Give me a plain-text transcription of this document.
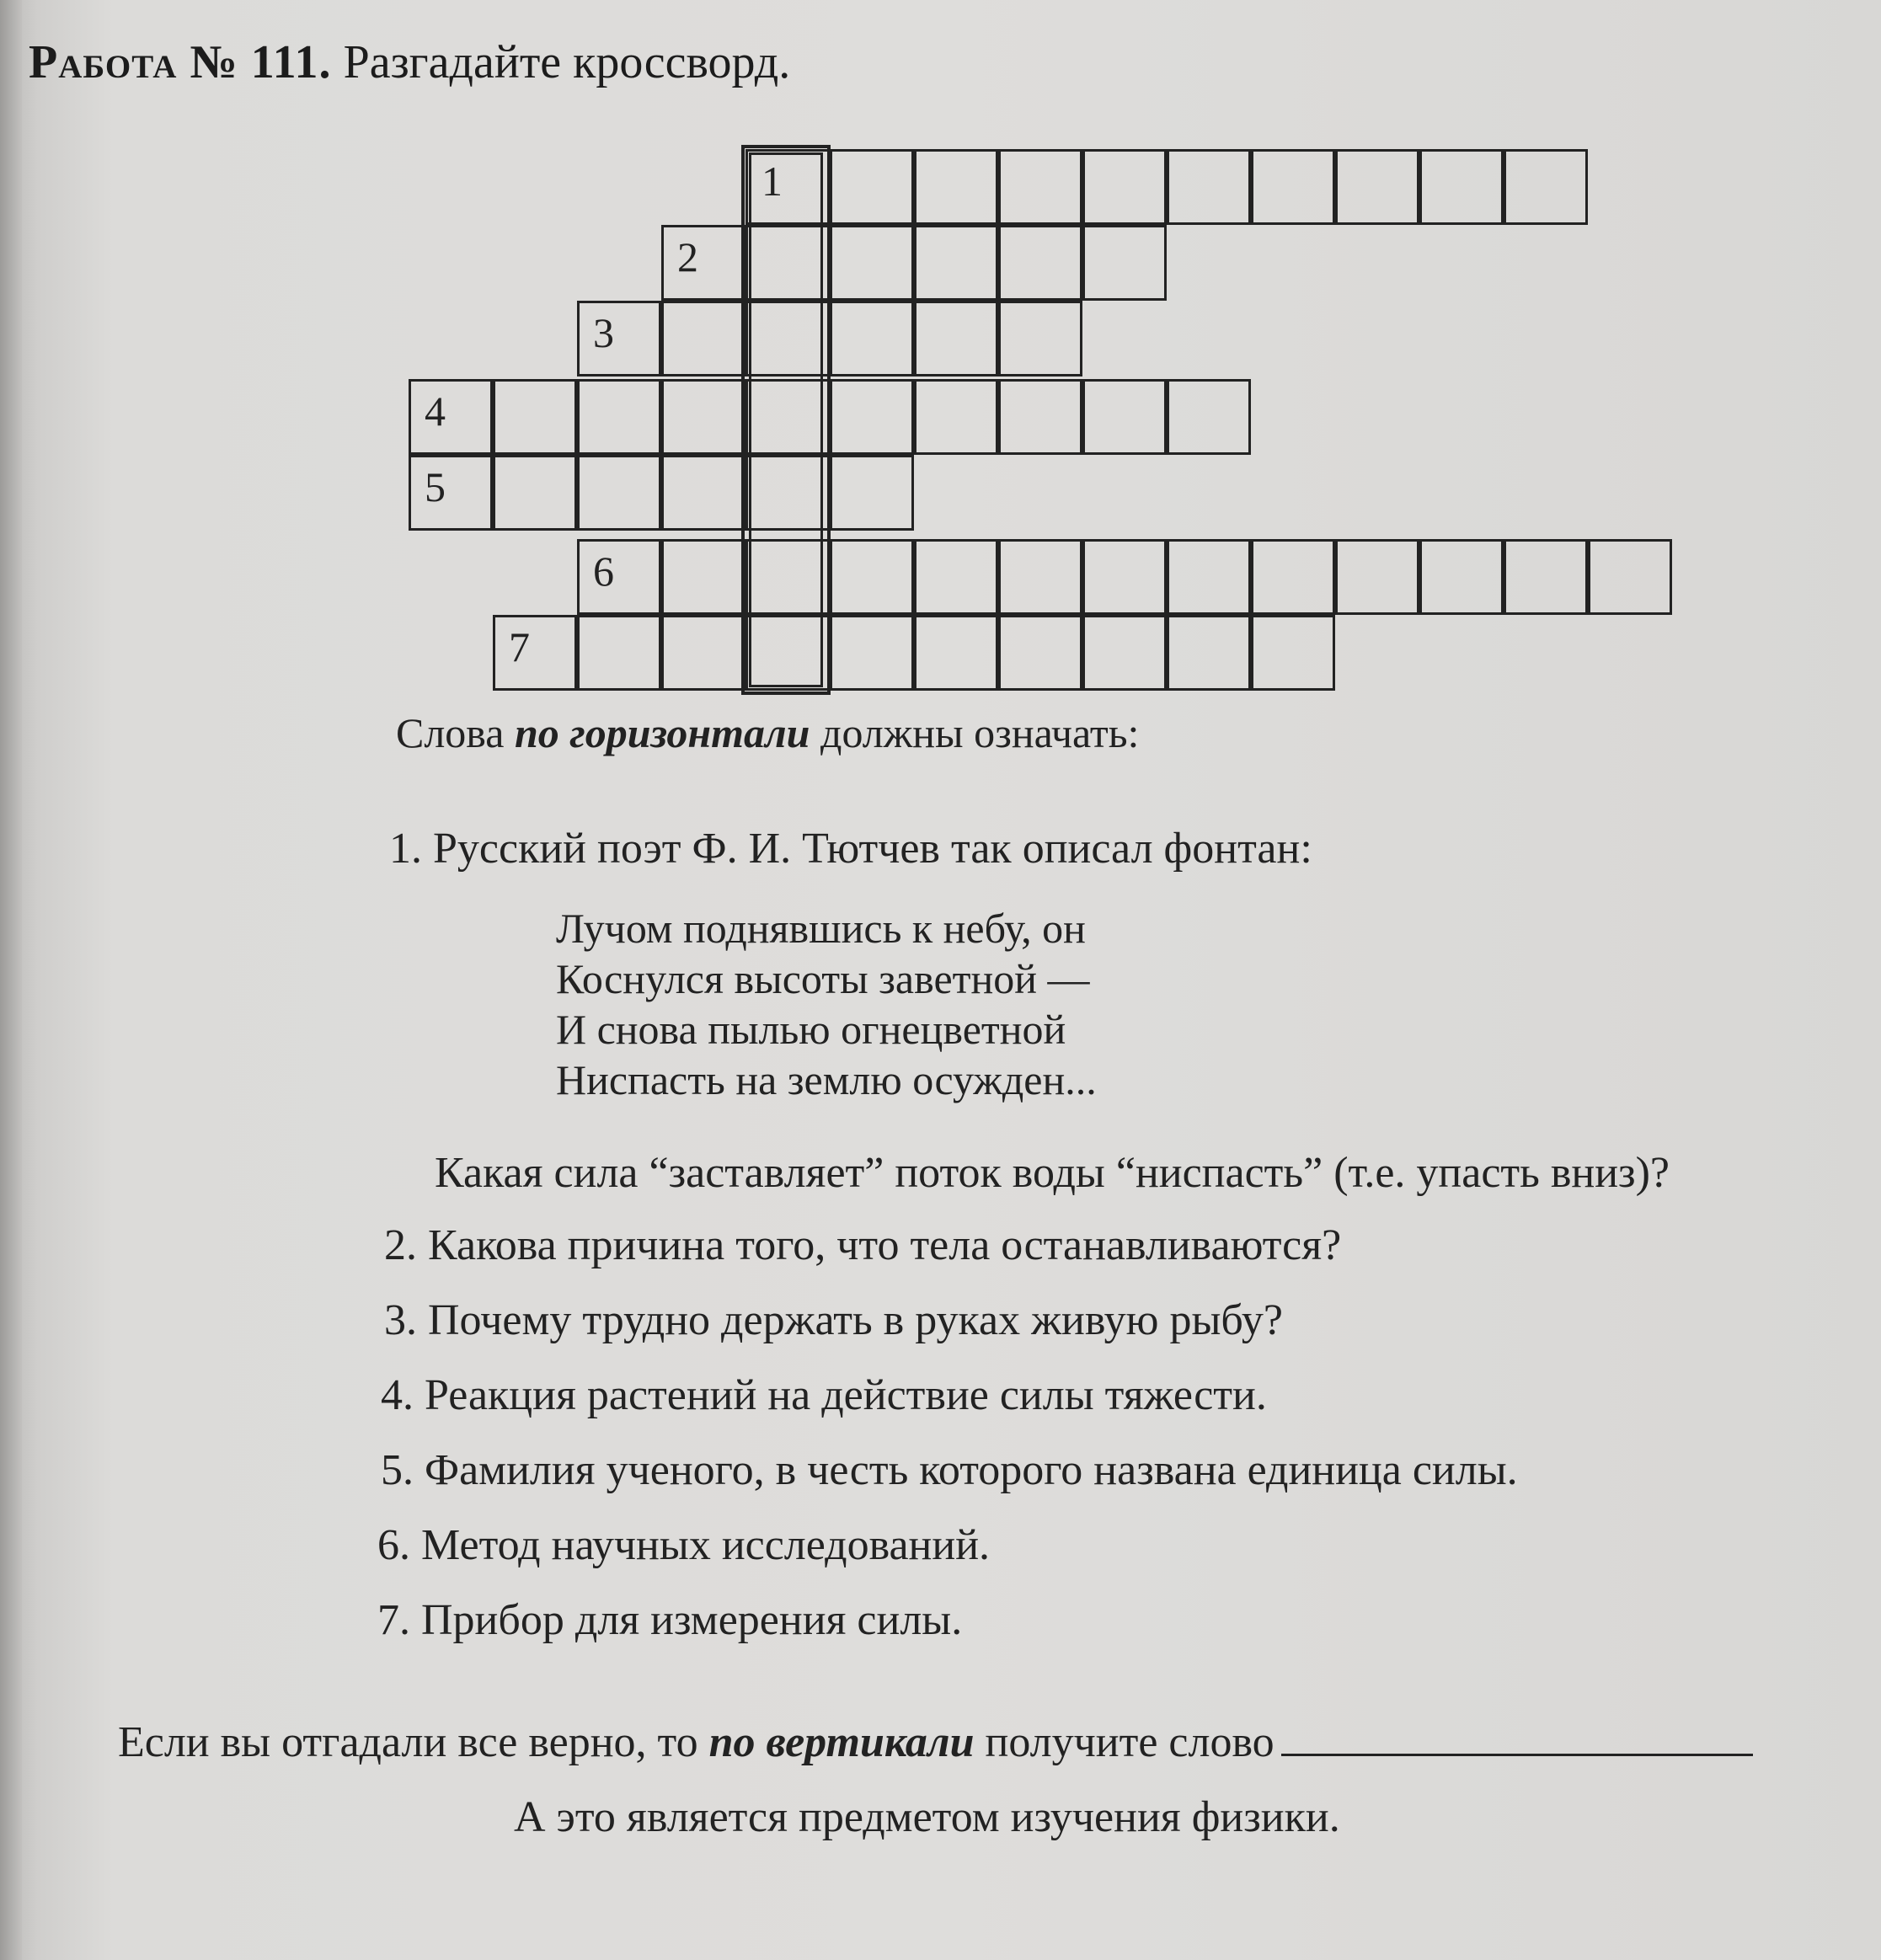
Работа № 111. Разгадайте кроссворд.
1
2
3
4
5
6
7
Слова по горизонтали должны означать:
1. Русский поэт Ф. И. Тютчев так описал фонтан:
Лучом поднявшись к небу, он
Коснулся высоты заветной —
И снова пылью огнецветной
Ниспасть на землю осужден...
Какая сила “заставляет” поток воды “ниспасть” (т.е. упасть вниз)?
2. Какова причина того, что тела останавливаются?
3. Почему трудно держать в руках живую рыбу?
4. Реакция растений на действие силы тяжести.
5. Фамилия ученого, в честь которого названа единица силы.
6. Метод научных исследований.
7. Прибор для измерения силы.
Если вы отгадали все верно, то по вертикали получите слово
А это является предметом изучения физики.
